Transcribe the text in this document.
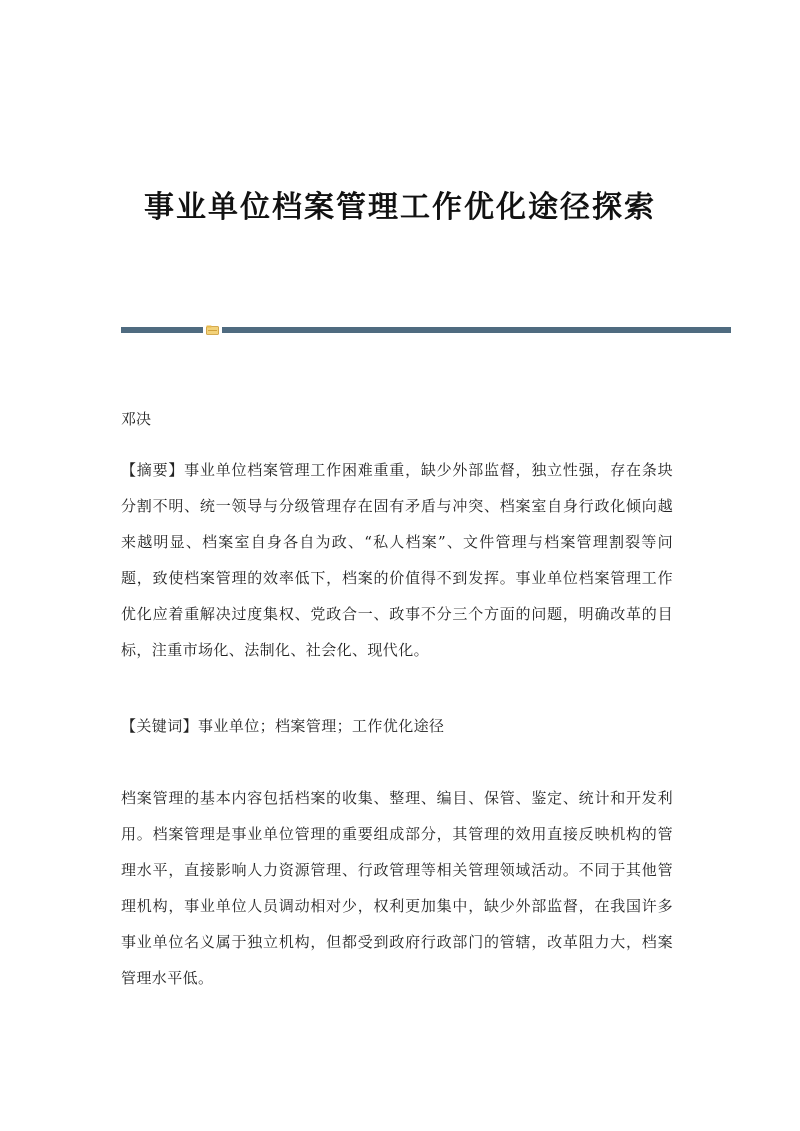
事业单位档案管理工作优化途径探索

邓决

【摘要】事业单位档案管理工作困难重重，缺少外部监督，独立性强，存在条块分割不明、统一领导与分级管理存在固有矛盾与冲突、档案室自身行政化倾向越来越明显、档案室自身各自为政、“私人档案”、文件管理与档案管理割裂等问题，致使档案管理的效率低下，档案的价值得不到发挥。事业单位档案管理工作优化应着重解决过度集权、党政合一、政事不分三个方面的问题，明确改革的目标，注重市场化、法制化、社会化、现代化。

【关键词】事业单位；档案管理；工作优化途径

档案管理的基本内容包括档案的收集、整理、编目、保管、鉴定、统计和开发利用。档案管理是事业单位管理的重要组成部分，其管理的效用直接反映机构的管理水平，直接影响人力资源管理、行政管理等相关管理领域活动。不同于其他管理机构，事业单位人员调动相对少，权利更加集中，缺少外部监督，在我国许多事业单位名义属于独立机构，但都受到政府行政部门的管辖，改革阻力大，档案管理水平低。
